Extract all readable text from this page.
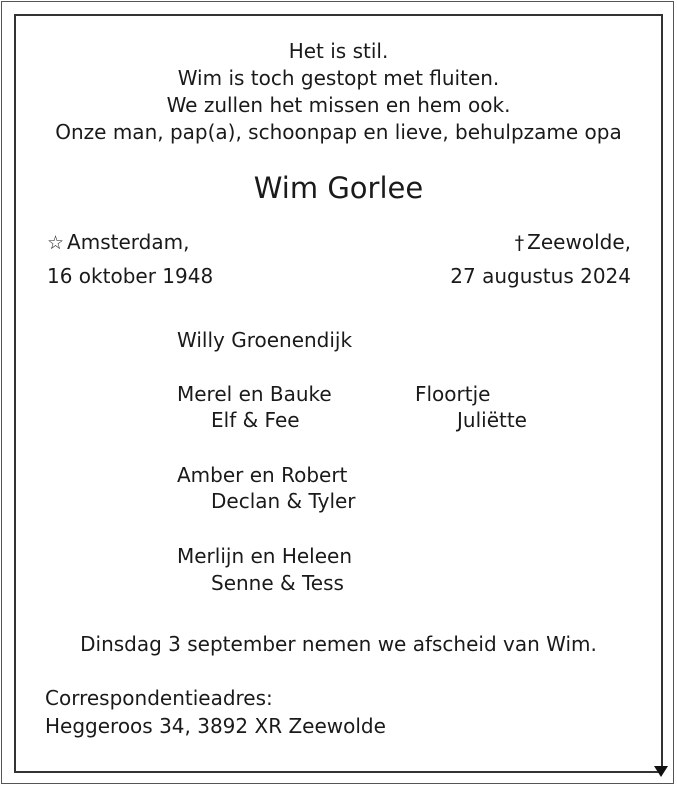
Het is stil.
Wim is toch gestopt met fluiten.
We zullen het missen en hem ook.
Onze man, pap(a), schoonpap en lieve, behulpzame opa
Wim Gorlee
☆ Amsterdam,
16 oktober 1948
† Zeewolde,
27 augustus 2024
Willy Groenendijk
Merel en Bauke
Elf & Fee
Floortje
Juliëtte
Amber en Robert
Declan & Tyler
Merlijn en Heleen
Senne & Tess
Dinsdag 3 september nemen we afscheid van Wim.
Correspondentieadres:
Heggeroos 34, 3892 XR Zeewolde
